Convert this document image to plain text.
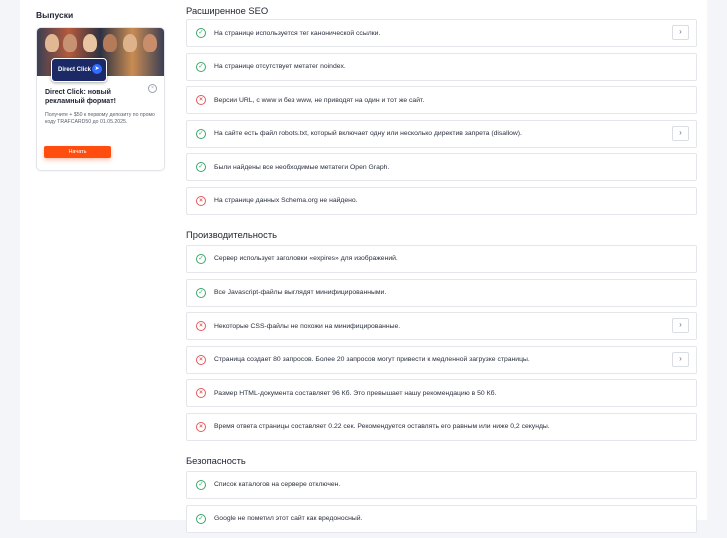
Выпуски
Direct Click ➤
×
Direct Click: новый рекламный формат!
Получите + $50 к первому депозиту по промо коду TRAFCARD50 до 01.05.2025.
Начать
Расширенное SEO
✓	На странице используется тег канонической ссылки.	›
✓	На странице отсутствует метатег noindex.
×	Версии URL, с www и без www, не приводят на один и тот же сайт.
✓	На сайте есть файл robots.txt, который включает одну или несколько директив запрета (disallow).	›
✓	Были найдены все необходимые метатеги Open Graph.
×	На странице данных Schema.org не найдено.
Производительность
✓	Сервер использует заголовки «expires» для изображений.
✓	Все Javascript-файлы выглядят минифицированными.
×	Некоторые CSS-файлы не похожи на минифицированные.	›
×	Страница создает 80 запросов. Более 20 запросов могут привести к медленной загрузке страницы.	›
×	Размер HTML-документа составляет 96 Кб. Это превышает нашу рекомендацию в 50 Кб.
×	Время ответа страницы составляет 0.22 сек. Рекомендуется оставлять его равным или ниже 0,2 секунды.
Безопасность
✓	Список каталогов на сервере отключен.
✓	Google не пометил этот сайт как вредоносный.
